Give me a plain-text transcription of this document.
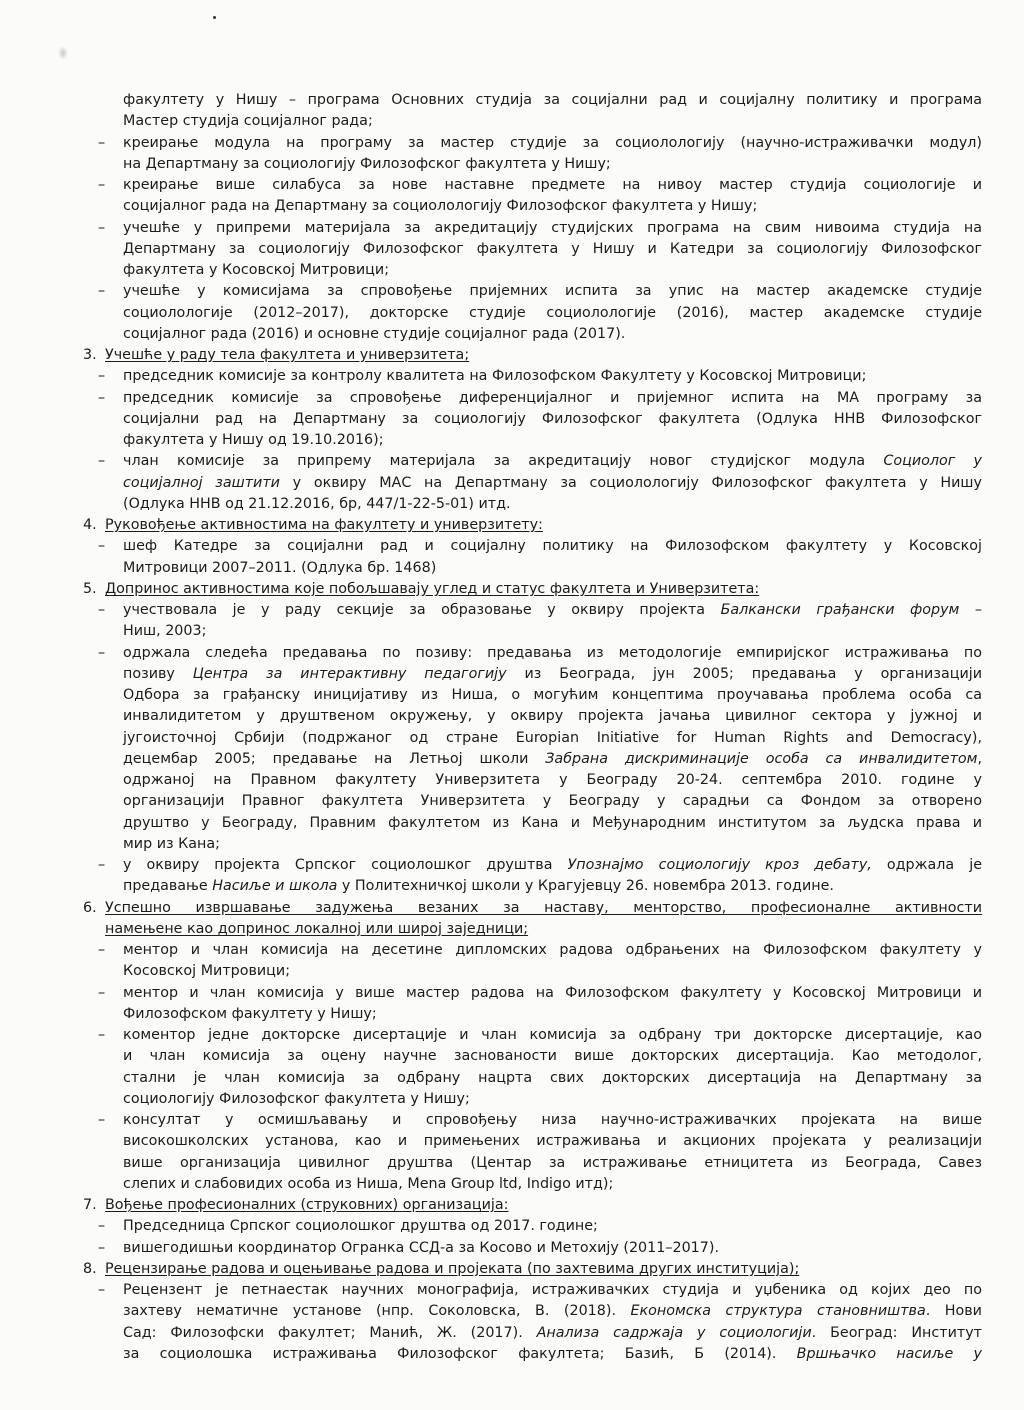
факултету у Нишу – програма Основних студија за социјални рад и социјалну политику и програма
Мастер студија социјалног рада;
– креирање модула на програму за мастер студије за социолологију (научно-истраживачки модул)
на Департману за социологију Филозофског факултета у Нишу;
– креирање више силабуса за нове наставне предмете на нивоу мастер студија социологије и
социјалног рада на Департману за социолологију Филозофског факултета у Нишу;
– учешће у припреми материјала за акредитацију студијских програма на свим нивоима студија на
Департману за социологију Филозофског факултета у Нишу и Катедри за социологију Филозофског
факултета у Косовској Митровици;
– учешће у комисијама за спровођење пријемних испита за упис на мастер академске студије
социолологије (2012–2017), докторске студије социолологије (2016), мастер академске студије
социјалног рада (2016) и основне студије социјалног рада (2017).
3. Учешће у раду тела факултета и универзитета;
– председник комисије за контролу квалитета на Филозофском Факултету у Косовској Митровици;
– председник комисије за спровођење диференцијалног и пријемног испита на МА програму за
социјални рад на Департману за социологију Филозофског факултета (Одлука ННВ Филозофског
факултета у Нишу од 19.10.2016);
– члан комисије за припрему материјала за акредитацију новог студијског модула Социолог у
социјалној заштити у оквиру МАС на Департману за социолологију Филозофског факултета у Нишу
(Одлука ННВ од 21.12.2016, бр, 447/1-22-5-01) итд.
4. Руковођење активностима на факултету и универзитету:
– шеф Катедре за социјални рад и социјалну политику на Филозофском факултету у Косовској
Митровици 2007–2011. (Одлука бр. 1468)
5. Допринос активностима које побољшавају углед и статус факултета и Универзитета:
– учествовала је у раду секције за образовање у оквиру пројекта Балкански грађански форум –
Ниш, 2003;
– одржала следећа предавања по позиву: предавања из методологије емпиријског истраживања по
позиву Центра за интерактивну педагогију из Београда, јун 2005; предавања у организацији
Одбора за грађанску иницијативу из Ниша, о могућим концептима проучавања проблема особа са
инвалидитетом у друштвеном окружењу, у оквиру пројекта јачања цивилног сектора у јужној и
југоисточној Србији (подржаног од стране Europian Initiative for Human Rights and Democracy),
децембар 2005; предавање на Летњој школи Забрана дискриминације особа са инвалидитетом,
одржаној на Правном факултету Универзитета у Београду 20-24. септембра 2010. године у
организацији Правног факултета Универзитета у Београду у сарадњи са Фондом за отворено
друштво у Београду, Правним факултетом из Кана и Међународним институтом за људска права и
мир из Кана;
– у оквиру пројекта Српског социолошког друштва Упознајмо социологију кроз дебату, одржала је
предавање Насиље и школа у Политехничкој школи у Крагујевцу 26. новембра 2013. године.
6. Успешно извршавање задужења везаних за наставу, менторство, професионалне активности
намењене као допринос локалној или широј заједници;
– ментор и члан комисија на десетине дипломских радова одбрањених на Филозофском факултету у
Косовској Митровици;
– ментор и члан комисија у више мастер радова на Филозофском факултету у Косовској Митровици и
Филозофском факултету у Нишу;
– коментор једне докторске дисертације и члан комисија за одбрану три докторске дисертације, као
и члан комисија за оцену научне заснованости више докторских дисертација. Као методолог,
стални је члан комисија за одбрану нацрта свих докторских дисертација на Департману за
социологију Филозофског факултета у Нишу;
– консултат у осмишљавању и спровођењу низа научно-истраживачких пројеката на више
високошколских установа, као и примењених истраживања и акционих пројеката у реализацији
више организација цивилног друштва (Центар за истраживање етницитета из Београда, Савез
слепих и слабовидих особа из Ниша, Mena Group ltd, Indigo итд);
7. Вођење професионалних (струковних) организација:
– Председница Српског социолошког друштва од 2017. године;
– вишегодишњи координатор Огранка ССД-а за Косово и Метохију (2011–2017).
8. Рецензирање радова и оцењивање радова и пројеката (по захтевима других институција);
– Рецензент је петнаестак научних монографија, истраживачких студија и уџбеника од којих део по
захтеву нематичне установе (нпр. Соколовска, В. (2018). Економска структура становништва. Нови
Сад: Филозофски факултет; Манић, Ж. (2017). Анализа садржаја у социологији. Београд: Институт
за социолошка истраживања Филозофског факултета; Базић, Б (2014). Вршњачко насиље у
